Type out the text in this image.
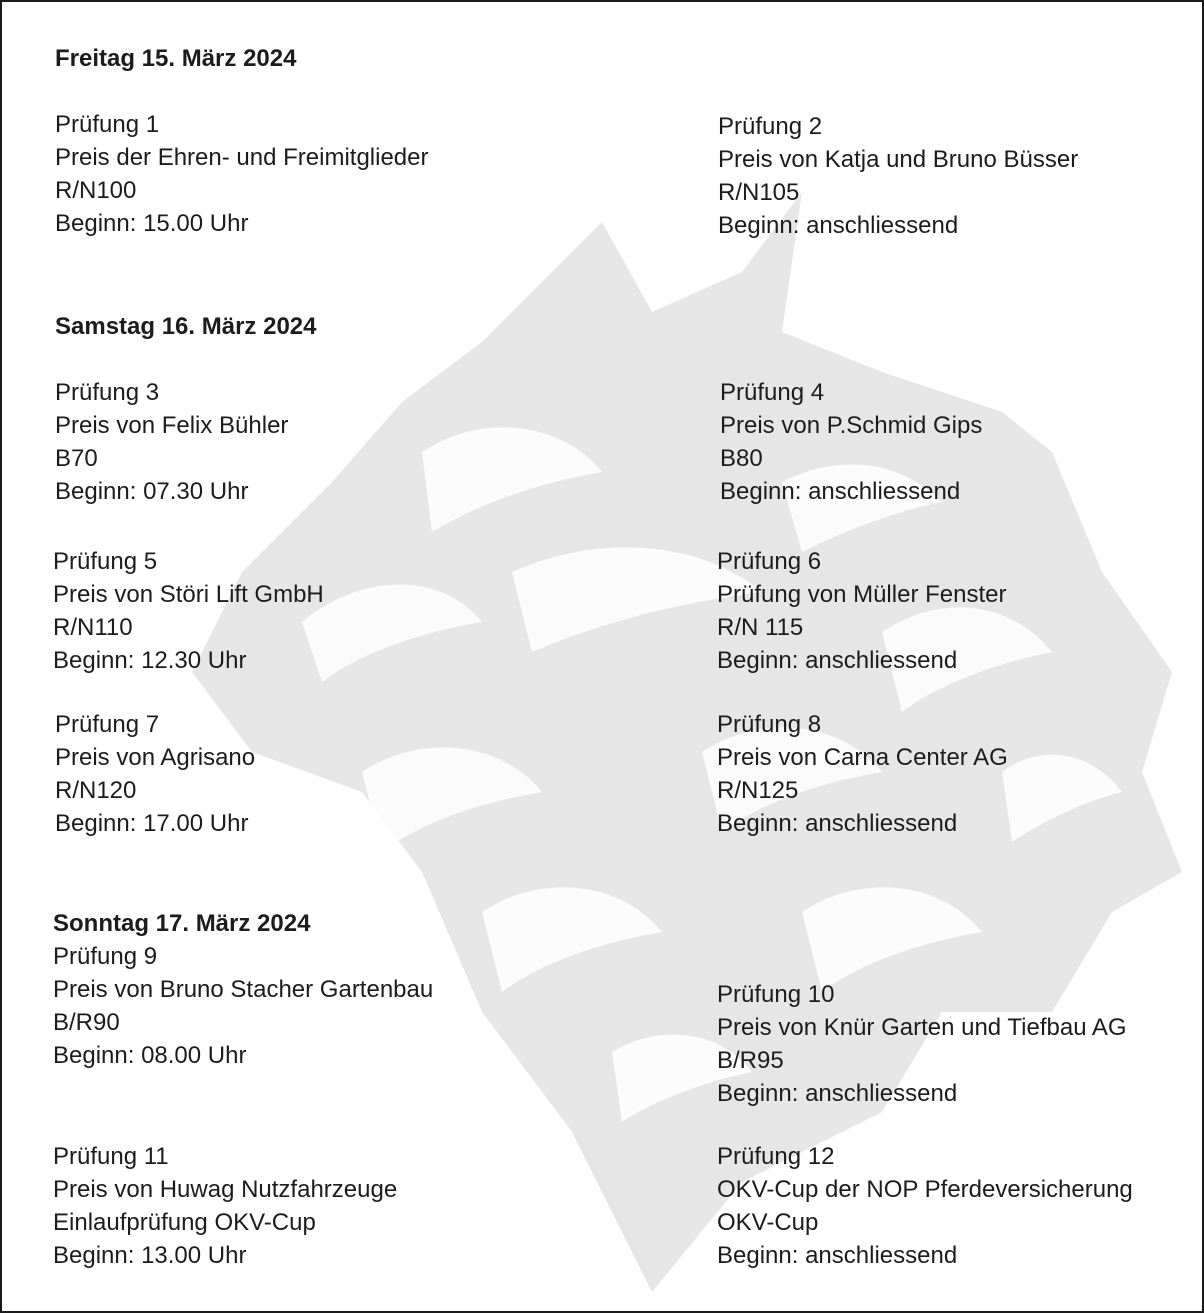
Freitag 15. März 2024
Prüfung 1
Preis der Ehren- und Freimitglieder
R/N100
Beginn: 15.00 Uhr
Prüfung 2
Preis von Katja und Bruno Büsser
R/N105
Beginn: anschliessend
Samstag 16. März 2024
Prüfung 3
Preis von Felix Bühler
B70
Beginn: 07.30 Uhr
Prüfung 4
Preis von P.Schmid Gips
B80
Beginn: anschliessend
Prüfung 5
Preis von Störi Lift GmbH
R/N110
Beginn: 12.30 Uhr
Prüfung 6
Prüfung von Müller Fenster
R/N 115
Beginn: anschliessend
Prüfung 7
Preis von Agrisano
R/N120
Beginn: 17.00 Uhr
Prüfung 8
Preis von Carna Center AG
R/N125
Beginn: anschliessend
Sonntag 17. März 2024
Prüfung 9
Preis von Bruno Stacher Gartenbau
B/R90
Beginn: 08.00 Uhr
Prüfung 10
Preis von Knür Garten und Tiefbau AG
B/R95
Beginn: anschliessend
Prüfung 11
Preis von Huwag Nutzfahrzeuge
Einlaufprüfung OKV-Cup
Beginn: 13.00 Uhr
Prüfung 12
OKV-Cup der NOP Pferdeversicherung
OKV-Cup
Beginn: anschliessend
